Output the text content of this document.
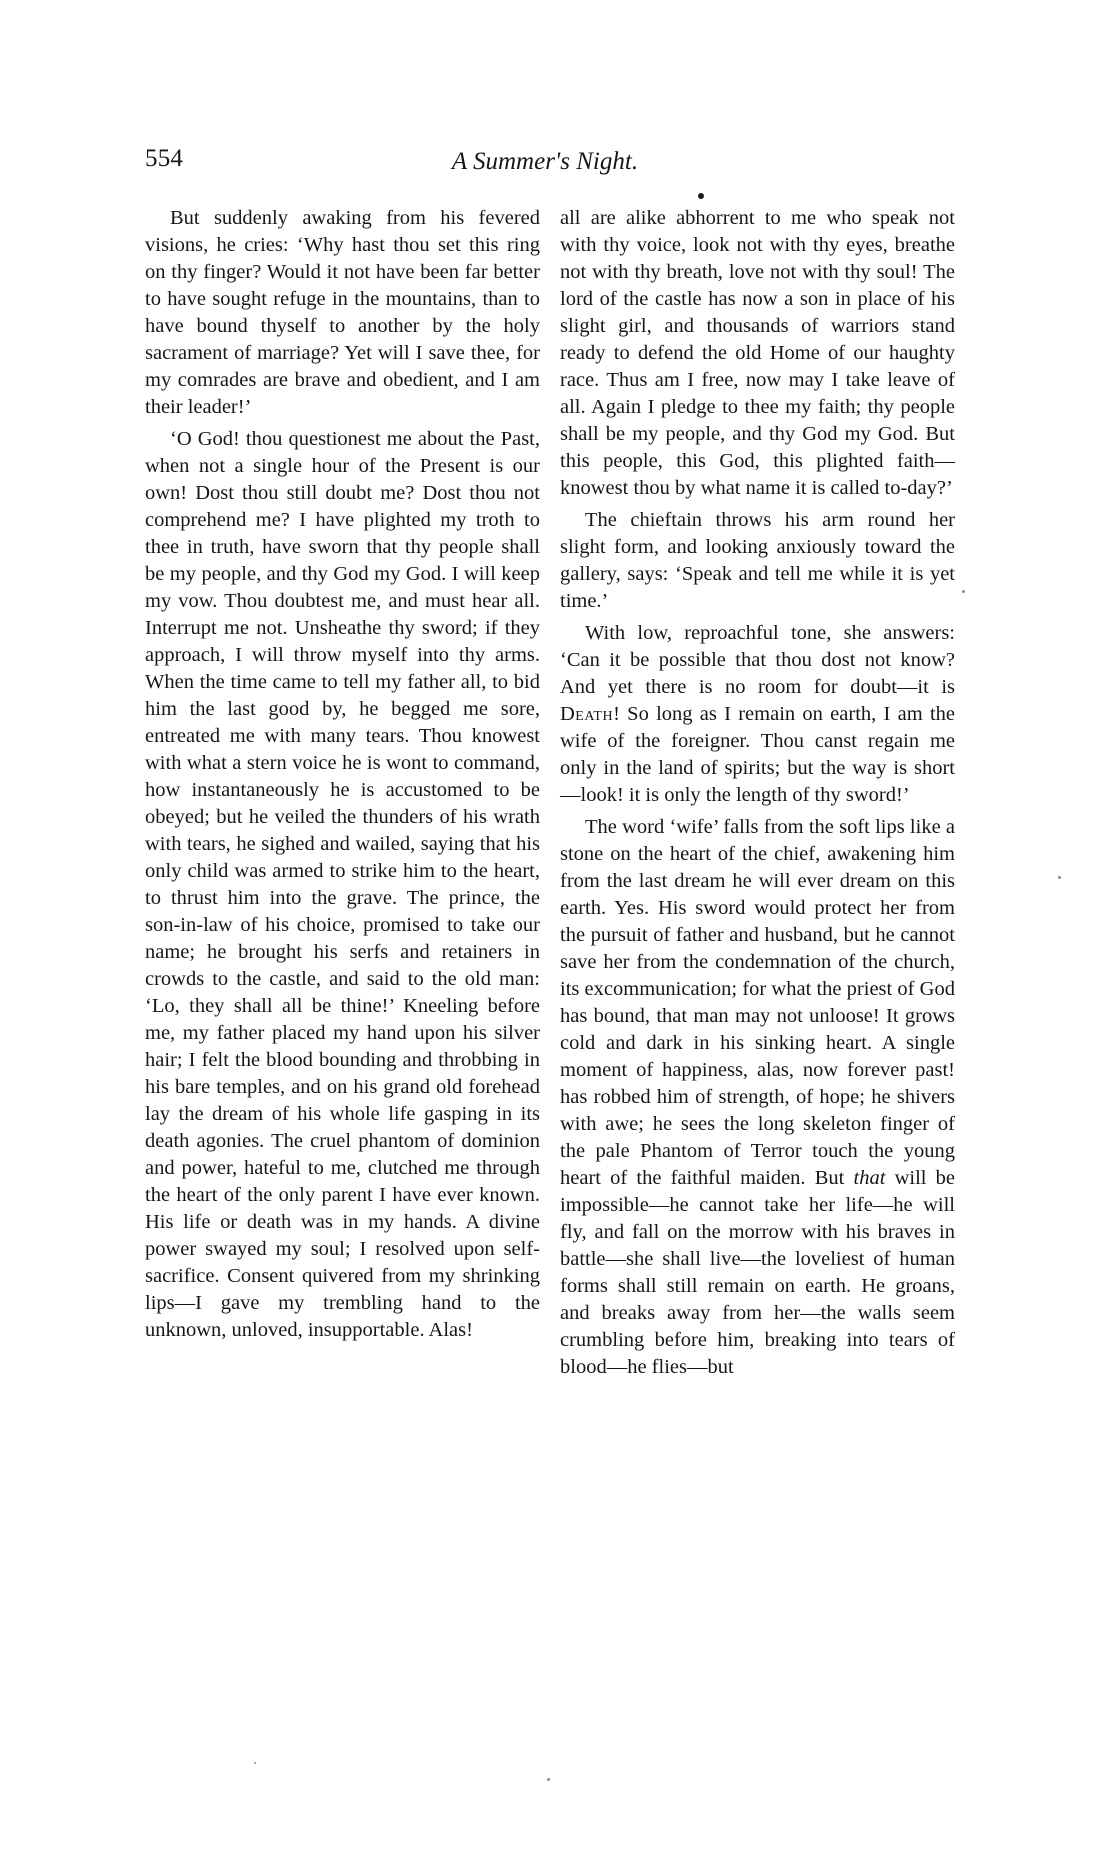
554	A Summer's Night.

But suddenly awaking from his fevered visions, he cries: ‘Why hast thou set this ring on thy finger? Would it not have been far better to have sought refuge in the mountains, than to have bound thyself to another by the holy sacrament of marriage? Yet will I save thee, for my comrades are brave and obedient, and I am their leader!’

‘O God! thou questionest me about the Past, when not a single hour of the Present is our own! Dost thou still doubt me? Dost thou not comprehend me? I have plighted my troth to thee in truth, have sworn that thy people shall be my people, and thy God my God. I will keep my vow. Thou doubtest me, and must hear all. Interrupt me not. Unsheathe thy sword; if they approach, I will throw myself into thy arms. When the time came to tell my father all, to bid him the last good by, he begged me sore, entreated me with many tears. Thou knowest with what a stern voice he is wont to command, how instantaneously he is accustomed to be obeyed; but he veiled the thunders of his wrath with tears, he sighed and wailed, saying that his only child was armed to strike him to the heart, to thrust him into the grave. The prince, the son-in-law of his choice, promised to take our name; he brought his serfs and retainers in crowds to the castle, and said to the old man: ‘Lo, they shall all be thine!’ Kneeling before me, my father placed my hand upon his silver hair; I felt the blood bounding and throbbing in his bare temples, and on his grand old forehead lay the dream of his whole life gasping in its death agonies. The cruel phantom of dominion and power, hateful to me, clutched me through the heart of the only parent I have ever known. His life or death was in my hands. A divine power swayed my soul; I resolved upon self-sacrifice. Consent quivered from my shrinking lips—I gave my trembling hand to the unknown, unloved, insupportable. Alas!

all are alike abhorrent to me who speak not with thy voice, look not with thy eyes, breathe not with thy breath, love not with thy soul! The lord of the castle has now a son in place of his slight girl, and thousands of warriors stand ready to defend the old Home of our haughty race. Thus am I free, now may I take leave of all. Again I pledge to thee my faith; thy people shall be my people, and thy God my God. But this people, this God, this plighted faith—knowest thou by what name it is called to-day?’

The chieftain throws his arm round her slight form, and looking anxiously toward the gallery, says: ‘Speak and tell me while it is yet time.’

With low, reproachful tone, she answers: ‘Can it be possible that thou dost not know? And yet there is no room for doubt—it is Death! So long as I remain on earth, I am the wife of the foreigner. Thou canst regain me only in the land of spirits; but the way is short—look! it is only the length of thy sword!’

The word ‘wife’ falls from the soft lips like a stone on the heart of the chief, awakening him from the last dream he will ever dream on this earth. Yes. His sword would protect her from the pursuit of father and husband, but he cannot save her from the condemnation of the church, its excommunication; for what the priest of God has bound, that man may not unloose! It grows cold and dark in his sinking heart. A single moment of happiness, alas, now forever past! has robbed him of strength, of hope; he shivers with awe; he sees the long skeleton finger of the pale Phantom of Terror touch the young heart of the faithful maiden. But that will be impossible—he cannot take her life—he will fly, and fall on the morrow with his braves in battle—she shall live—the loveliest of human forms shall still remain on earth. He groans, and breaks away from her—the walls seem crumbling before him, breaking into tears of blood—he flies—but
